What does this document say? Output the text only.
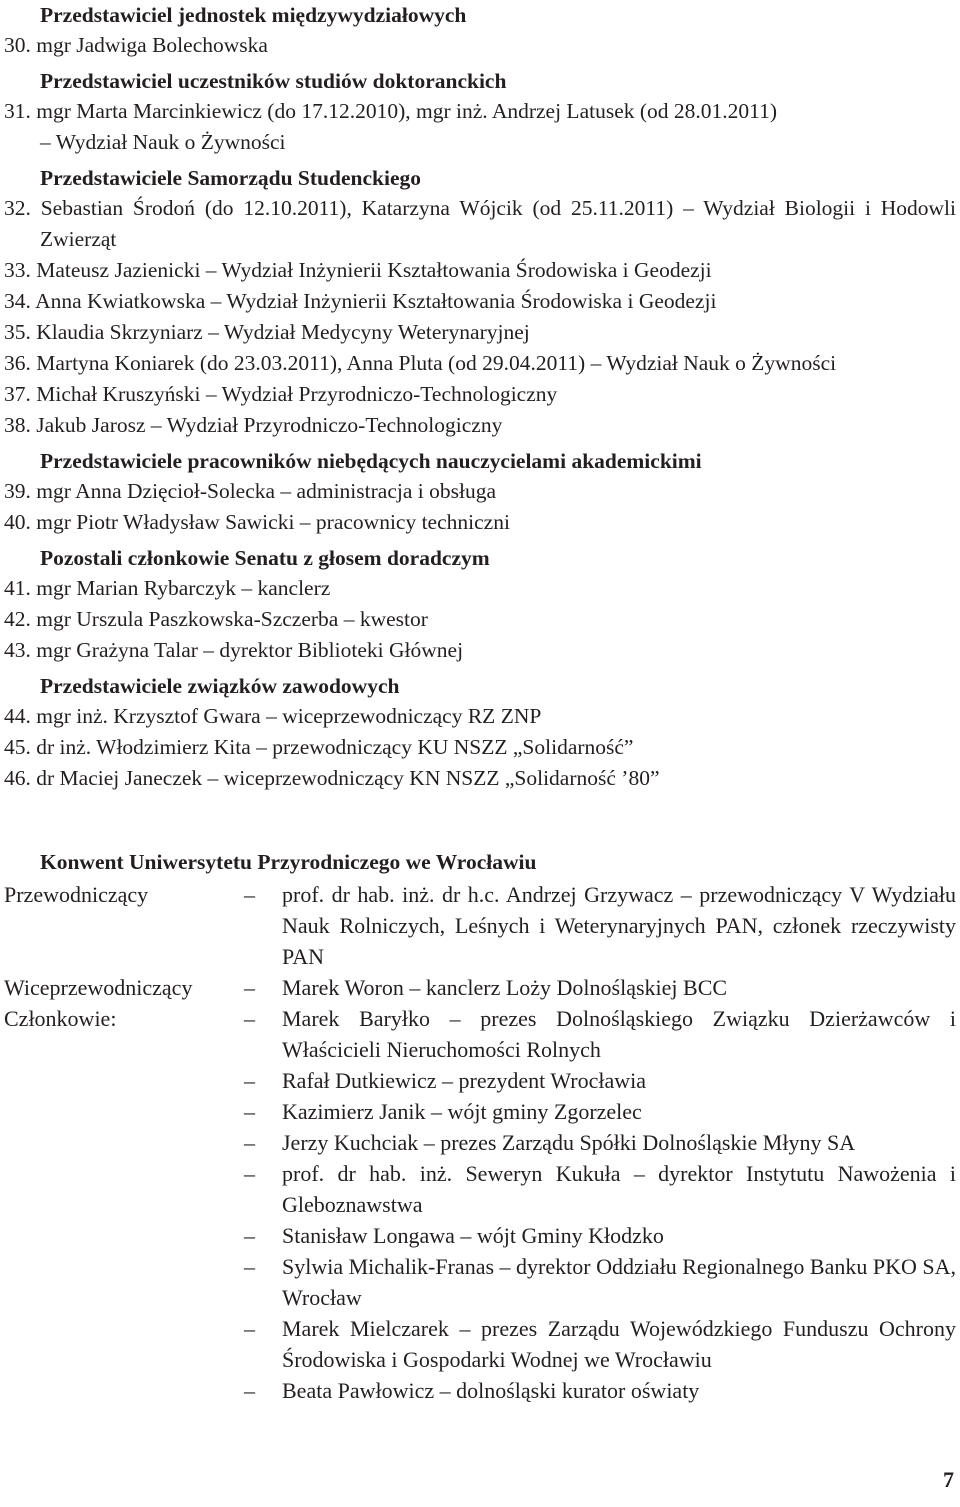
Przedstawiciel jednostek międzywydziałowych

30. mgr Jadwiga Bolechowska

Przedstawiciel uczestników studiów doktoranckich

31. mgr Marta Marcinkiewicz (do 17.12.2010), mgr inż. Andrzej Latusek (od 28.01.2011)

– Wydział Nauk o Żywności

Przedstawiciele Samorządu Studenckiego

32. Sebastian Środoń (do 12.10.2011), Katarzyna Wójcik (od 25.11.2011) – Wydział Biologii i Hodowli Zwierząt

33. Mateusz Jazienicki – Wydział Inżynierii Kształtowania Środowiska i Geodezji

34. Anna Kwiatkowska – Wydział Inżynierii Kształtowania Środowiska i Geodezji

35. Klaudia Skrzyniarz – Wydział Medycyny Weterynaryjnej

36. Martyna Koniarek (do 23.03.2011), Anna Pluta (od 29.04.2011) – Wydział Nauk o Żywności

37. Michał Kruszyński – Wydział Przyrodniczo-Technologiczny

38. Jakub Jarosz – Wydział Przyrodniczo-Technologiczny

Przedstawiciele pracowników niebędących nauczycielami akademickimi

39. mgr Anna Dzięcioł-Solecka – administracja i obsługa

40. mgr Piotr Władysław Sawicki – pracownicy techniczni

Pozostali członkowie Senatu z głosem doradczym

41. mgr Marian Rybarczyk – kanclerz

42. mgr Urszula Paszkowska-Szczerba – kwestor

43. mgr Grażyna Talar – dyrektor Biblioteki Głównej

Przedstawiciele związków zawodowych

44. mgr inż. Krzysztof Gwara – wiceprzewodniczący RZ ZNP

45. dr inż. Włodzimierz Kita – przewodniczący KU NSZZ „Solidarność”

46. dr Maciej Janeczek – wiceprzewodniczący KN NSZZ „Solidarność ’80”

Konwent Uniwersytetu Przyrodniczego we Wrocławiu

Przewodniczący	–	prof. dr hab. inż. dr h.c. Andrzej Grzywacz – przewodniczący V Wydziału Nauk Rolniczych, Leśnych i Weterynaryjnych PAN, członek rzeczywisty PAN
Wiceprzewodniczący	–	Marek Woron – kanclerz Loży Dolnośląskiej BCC
Członkowie:	–	Marek Baryłko – prezes Dolnośląskiego Związku Dzierżawców i Właścicieli Nieruchomości Rolnych
–	Rafał Dutkiewicz – prezydent Wrocławia
–	Kazimierz Janik – wójt gminy Zgorzelec
–	Jerzy Kuchciak – prezes Zarządu Spółki Dolnośląskie Młyny SA
–	prof. dr hab. inż. Seweryn Kukuła – dyrektor Instytutu Nawożenia i Gleboznawstwa
–	Stanisław Longawa – wójt Gminy Kłodzko
–	Sylwia Michalik-Franas – dyrektor Oddziału Regionalnego Banku PKO SA, Wrocław
–	Marek Mielczarek – prezes Zarządu Wojewódzkiego Funduszu Ochrony Środowiska i Gospodarki Wodnej we Wrocławiu
–	Beata Pawłowicz – dolnośląski kurator oświaty
7
